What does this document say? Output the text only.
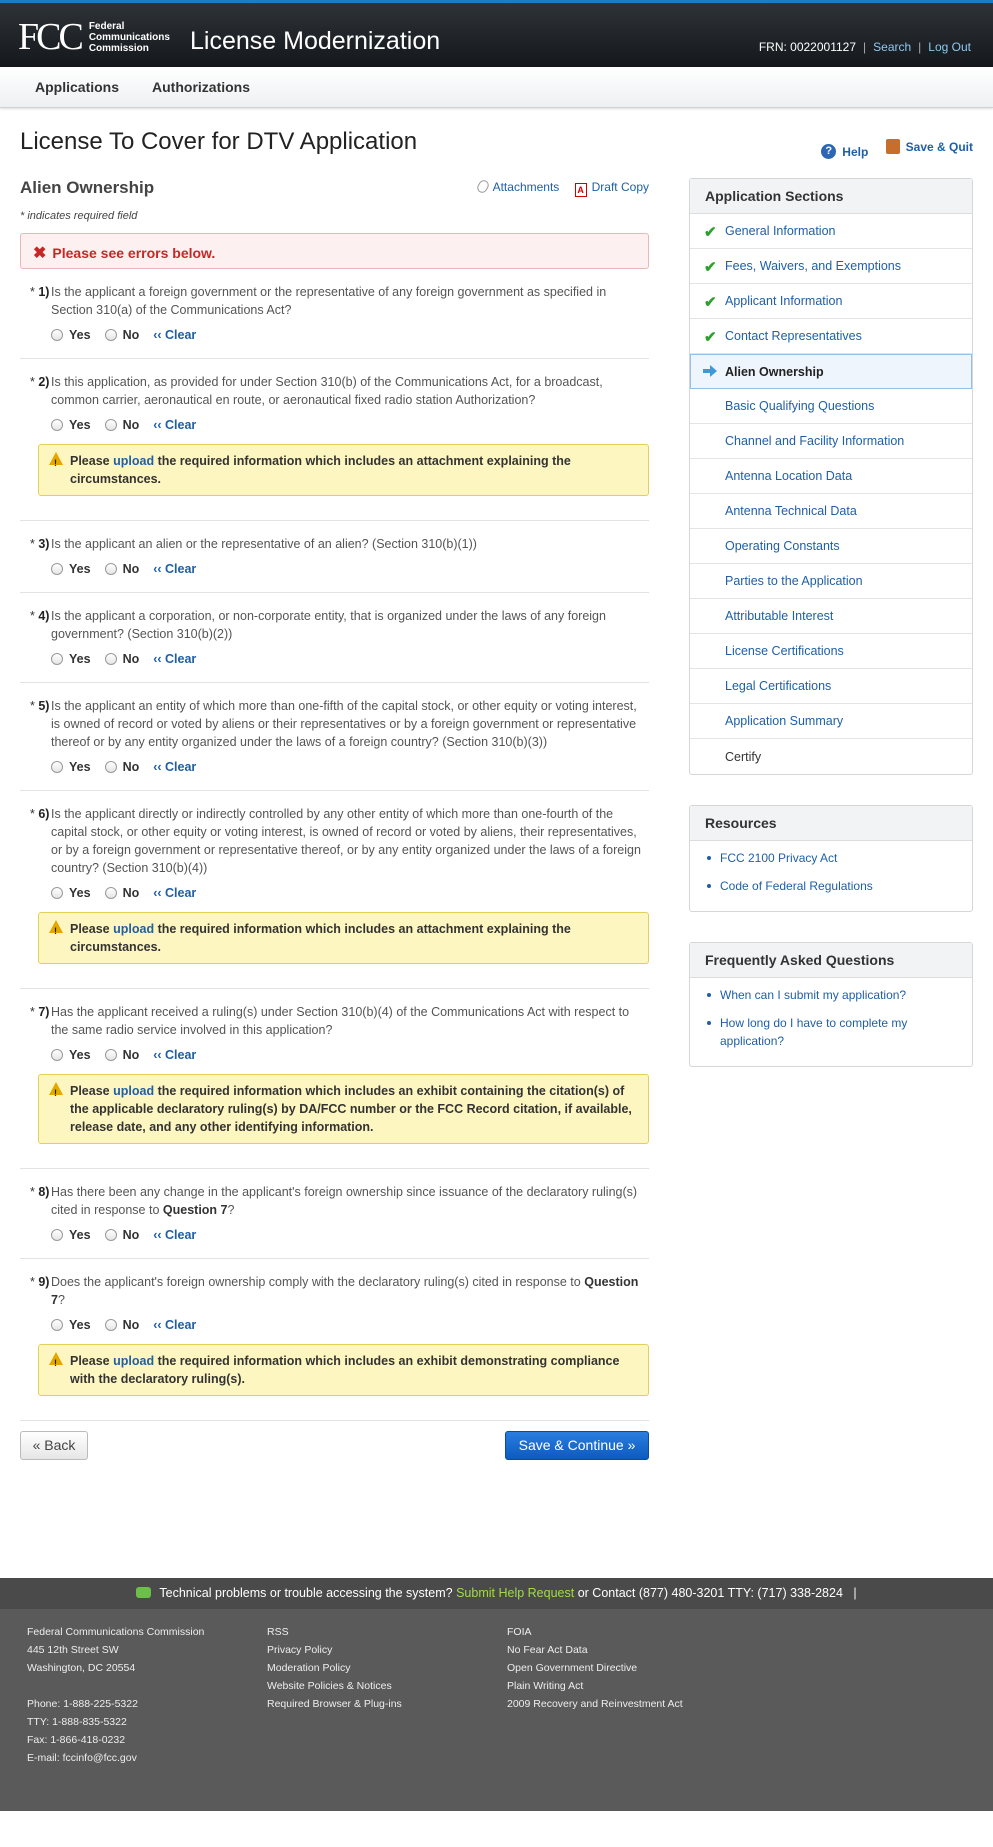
FCC Federal
Communications
Commission	License Modernization	FRN: 0022001127 | Search | Log Out
Applications Authorizations
License To Cover for DTV Application	? Help
	Save & Quit
Alien Ownership	Attachments A Draft Copy
* indicates required field
✖ Please see errors below.
* 1) Is the applicant a foreign government or the representative of any foreign government as specified in Section 310(a) of the Communications Act?
Yes	No ‹‹ Clear
* 2) Is this application, as provided for under Section 310(b) of the Communications Act, for a broadcast, common carrier, aeronautical en route, or aeronautical fixed radio station Authorization?
Yes	No ‹‹ Clear
!
Please upload the required information which includes an attachment explaining the circumstances.
* 3) Is the applicant an alien or the representative of an alien? (Section 310(b)(1))
Yes	No ‹‹ Clear
* 4) Is the applicant a corporation, or non-corporate entity, that is organized under the laws of any foreign government? (Section 310(b)(2))
Yes	No ‹‹ Clear
* 5) Is the applicant an entity of which more than one-fifth of the capital stock, or other equity or voting interest, is owned of record or voted by aliens or their representatives or by a foreign government or representative thereof or by any entity organized under the laws of a foreign country? (Section 310(b)(3))
Yes	No ‹‹ Clear
* 6) Is the applicant directly or indirectly controlled by any other entity of which more than one-fourth of the capital stock, or other equity or voting interest, is owned of record or voted by aliens, their representatives, or by a foreign government or representative thereof, or by any entity organized under the laws of a foreign country? (Section 310(b)(4))
Yes	No ‹‹ Clear
!
Please upload the required information which includes an attachment explaining the circumstances.
* 7) Has the applicant received a ruling(s) under Section 310(b)(4) of the Communications Act with respect to the same radio service involved in this application?
Yes	No ‹‹ Clear
!
Please upload the required information which includes an exhibit containing the citation(s) of the applicable declaratory ruling(s) by DA/FCC number or the FCC Record citation, if available, release date, and any other identifying information.
* 8) Has there been any change in the applicant's foreign ownership since issuance of the declaratory ruling(s) cited in response to Question 7?
Yes	No ‹‹ Clear
* 9) Does the applicant's foreign ownership comply with the declaratory ruling(s) cited in response to Question 7?
Yes	No ‹‹ Clear
!
Please upload the required information which includes an exhibit demonstrating compliance with the declaratory ruling(s).
« Back	Save & Continue »
Application Sections
✔ General Information
✔ Fees, Waivers, and Exemptions
✔ Applicant Information
✔ Contact Representatives
Alien Ownership
Basic Qualifying Questions
Channel and Facility Information
Antenna Location Data
Antenna Technical Data
Operating Constants
Parties to the Application
Attributable Interest
License Certifications
Legal Certifications
Application Summary
Certify
Resources
FCC 2100 Privacy Act
Code of Federal Regulations
Frequently Asked Questions
When can I submit my application?
How long do I have to complete my application?
Technical problems or trouble accessing the system? Submit Help Request or Contact (877) 480-3201 TTY: (717) 338-2824 |
Federal Communications Commission
445 12th Street SW
Washington, DC 20554
Phone: 1-888-225-5322
TTY: 1-888-835-5322
Fax: 1-866-418-0232
E-mail: fccinfo@fcc.gov
RSS
Privacy Policy
Moderation Policy
Website Policies & Notices
Required Browser & Plug-ins
FOIA
No Fear Act Data
Open Government Directive
Plain Writing Act
2009 Recovery and Reinvestment Act
